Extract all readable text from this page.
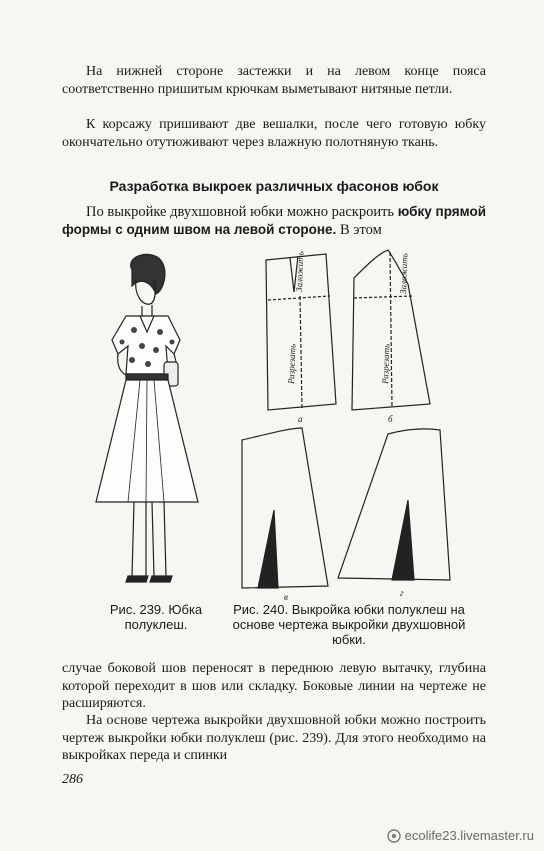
На нижней стороне застежки и на левом конце пояса соответственно пришитым крючкам выметывают нитяные петли.

К корсажу пришивают две вешалки, после чего готовую юбку окончательно отутюживают через влажную полотняную ткань.

Разработка выкроек различных фасонов юбок

По выкройке двухшовной юбки можно раскроить юбку прямой формы с одним швом на левой стороне. В этом

Рис. 239. Юбка полуклеш.
а	б
в	г
Заложить	Заложить
Разрезать	Разрезать
Рис. 240. Выкройка юбки полуклеш на основе чертежа выкройки двухшовной юбки.

случае боковой шов переносят в переднюю левую вытачку, глубина которой переходит в шов или складку. Боковые линии на чертеже не расширяются.

На основе чертежа выкройки двухшовной юбки можно построить чертеж выкройки юбки полуклеш (рис. 239). Для этого необходимо на выкройках переда и спинки

286
ecolife23.livemaster.ru
